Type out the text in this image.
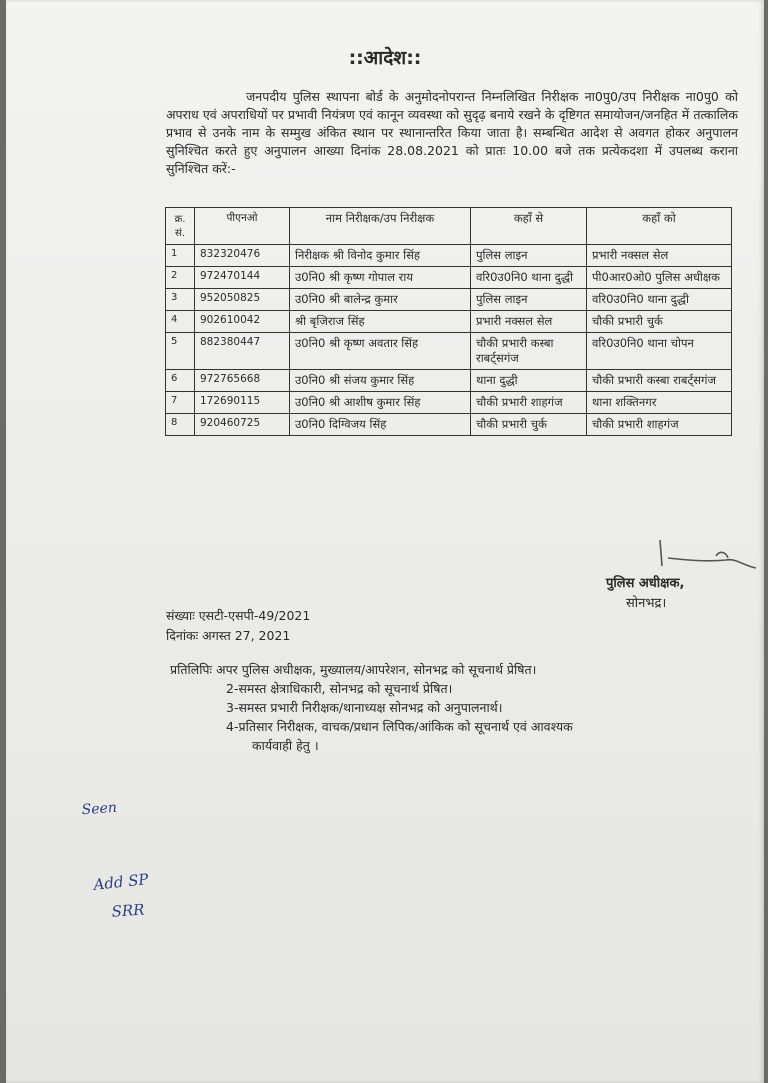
::आदेश::
जनपदीय पुलिस स्थापना बोर्ड के अनुमोदनोपरान्त निम्नलिखित निरीक्षक ना0पु0/उप निरीक्षक ना0पु0 को अपराध एवं अपराधियों पर प्रभावी नियंत्रण एवं कानून व्यवस्था को सुदृढ़ बनाये रखने के दृष्टिगत समायोजन/जनहित में तत्कालिक प्रभाव से उनके नाम के सम्मुख अंकित स्थान पर स्थानान्तरित किया जाता है। सम्बन्धित आदेश से अवगत होकर अनुपालन सुनिश्चित करते हुए अनुपालन आख्या दिनांक 28.08.2021 को प्रातः 10.00 बजे तक प्रत्येकदशा में उपलब्ध कराना सुनिश्चित करें:-
क्र. सं.	पीएनओ	नाम निरीक्षक/उप निरीक्षक	कहाँ से	कहाँ को
1	832320476	निरीक्षक श्री विनोद कुमार सिंह	पुलिस लाइन	प्रभारी नक्सल सेल
2	972470144	उ0नि0 श्री कृष्ण गोपाल राय	वरि0उ0नि0 थाना दुद्धी	पी0आर0ओ0 पुलिस अधीक्षक
3	952050825	उ0नि0 श्री बालेन्द्र कुमार	पुलिस लाइन	वरि0उ0नि0 थाना दुद्धी
4	902610042	श्री बृजिराज सिंह	प्रभारी नक्सल सेल	चौकी प्रभारी चुर्क
5	882380447	उ0नि0 श्री कृष्ण अवतार सिंह	चौकी प्रभारी कस्बा राबर्ट्सगंज	वरि0उ0नि0 थाना चोपन
6	972765668	उ0नि0 श्री संजय कुमार सिंह	थाना दुद्धी	चौकी प्रभारी कस्बा राबर्ट्सगंज
7	172690115	उ0नि0 श्री आशीष कुमार सिंह	चौकी प्रभारी शाहगंज	थाना शक्तिनगर
8	920460725	उ0नि0 दिग्विजय सिंह	चौकी प्रभारी चुर्क	चौकी प्रभारी शाहगंज
पुलिस अधीक्षक,
सोनभद्र।
संख्याः एसटी-एसपी-49/2021
दिनांकः अगस्त 27, 2021
प्रतिलिपिः अपर पुलिस अधीक्षक, मुख्यालय/आपरेशन, सोनभद्र को सूचनार्थ प्रेषित।
2-समस्त क्षेत्राधिकारी, सोनभद्र को सूचनार्थ प्रेषित।
3-समस्त प्रभारी निरीक्षक/थानाध्यक्ष सोनभद्र को अनुपालनार्थ।
4-प्रतिसार निरीक्षक, वाचक/प्रधान लिपिक/आंकिक को सूचनार्थ एवं आवश्यक
कार्यवाही हेतु ।
Seen
Add SP
SRR
